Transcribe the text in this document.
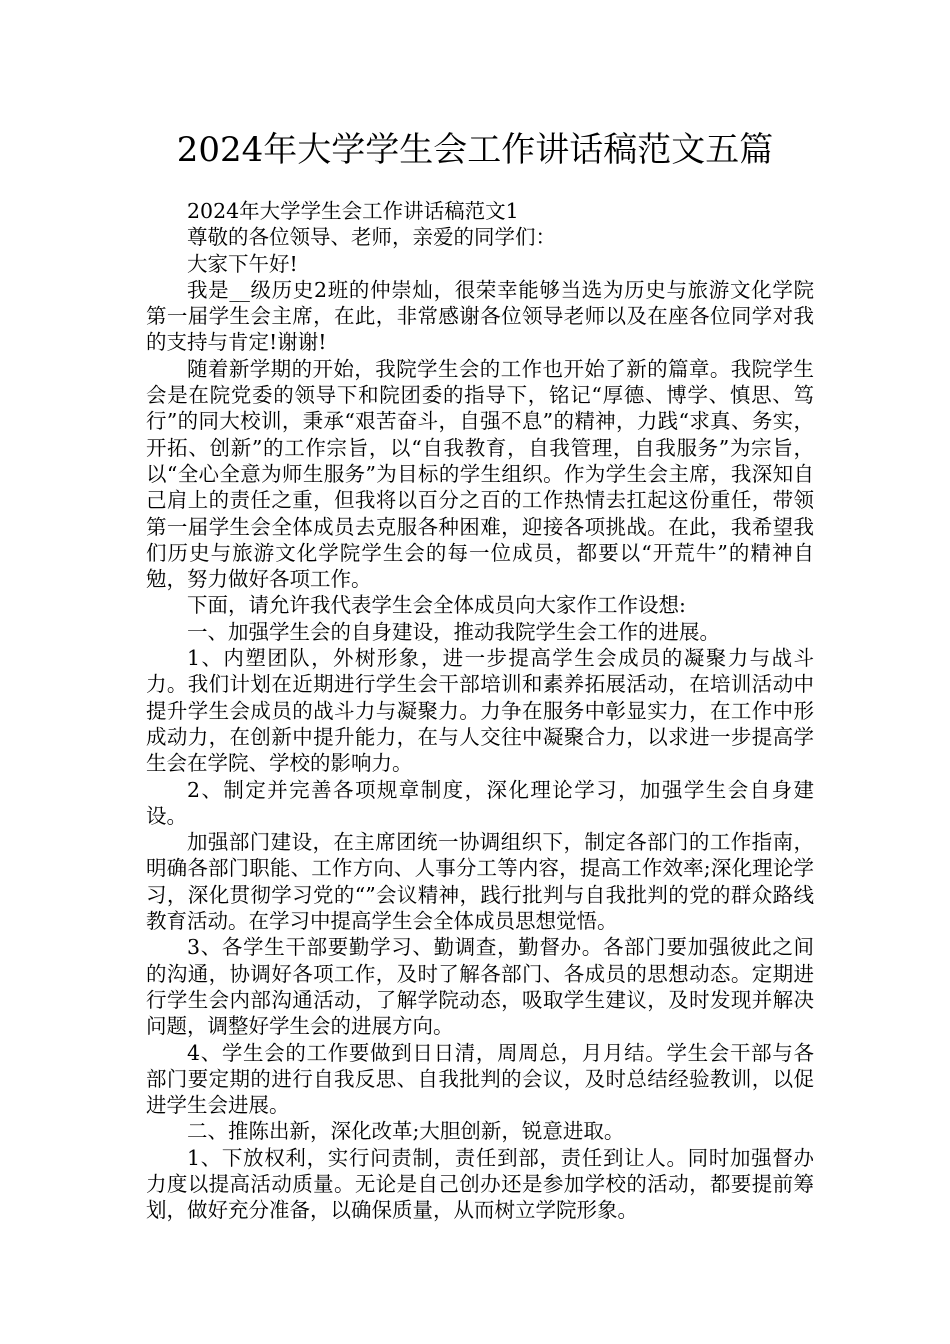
2024年大学学生会工作讲话稿范文五篇

2024年大学学生会工作讲话稿范文1

尊敬的各位领导、老师，亲爱的同学们：

大家下午好!

我是__级历史2班的仲崇灿，很荣幸能够当选为历史与旅游文化学院第一届学生会主席，在此，非常感谢各位领导老师以及在座各位同学对我的支持与肯定!谢谢!

随着新学期的开始，我院学生会的工作也开始了新的篇章。我院学生会是在院党委的领导下和院团委的指导下，铭记“厚德、博学、慎思、笃行”的同大校训，秉承“艰苦奋斗，自强不息”的精神，力践“求真、务实，开拓、创新”的工作宗旨，以“自我教育，自我管理，自我服务”为宗旨，以“全心全意为师生服务”为目标的学生组织。作为学生会主席，我深知自己肩上的责任之重，但我将以百分之百的工作热情去扛起这份重任，带领第一届学生会全体成员去克服各种困难，迎接各项挑战。在此，我希望我们历史与旅游文化学院学生会的每一位成员，都要以“开荒牛”的精神自勉，努力做好各项工作。

下面，请允许我代表学生会全体成员向大家作工作设想:

一、加强学生会的自身建设，推动我院学生会工作的进展。

1、内塑团队，外树形象，进一步提高学生会成员的凝聚力与战斗力。我们计划在近期进行学生会干部培训和素养拓展活动，在培训活动中提升学生会成员的战斗力与凝聚力。力争在服务中彰显实力，在工作中形成动力，在创新中提升能力，在与人交往中凝聚合力，以求进一步提高学生会在学院、学校的影响力。

2、制定并完善各项规章制度，深化理论学习，加强学生会自身建设。

加强部门建设，在主席团统一协调组织下，制定各部门的工作指南，明确各部门职能、工作方向、人事分工等内容，提高工作效率;深化理论学习，深化贯彻学习党的“”会议精神，践行批判与自我批判的党的群众路线教育活动。在学习中提高学生会全体成员思想觉悟。

3、各学生干部要勤学习、勤调查，勤督办。各部门要加强彼此之间的沟通，协调好各项工作，及时了解各部门、各成员的思想动态。定期进行学生会内部沟通活动，了解学院动态，吸取学生建议，及时发现并解决问题，调整好学生会的进展方向。

4、学生会的工作要做到日日清，周周总，月月结。学生会干部与各部门要定期的进行自我反思、自我批判的会议，及时总结经验教训，以促进学生会进展。

二、推陈出新，深化改革;大胆创新，锐意进取。

1、下放权利，实行问责制，责任到部，责任到让人。同时加强督办力度以提高活动质量。无论是自己创办还是参加学校的活动，都要提前筹划，做好充分准备，以确保质量，从而树立学院形象。
